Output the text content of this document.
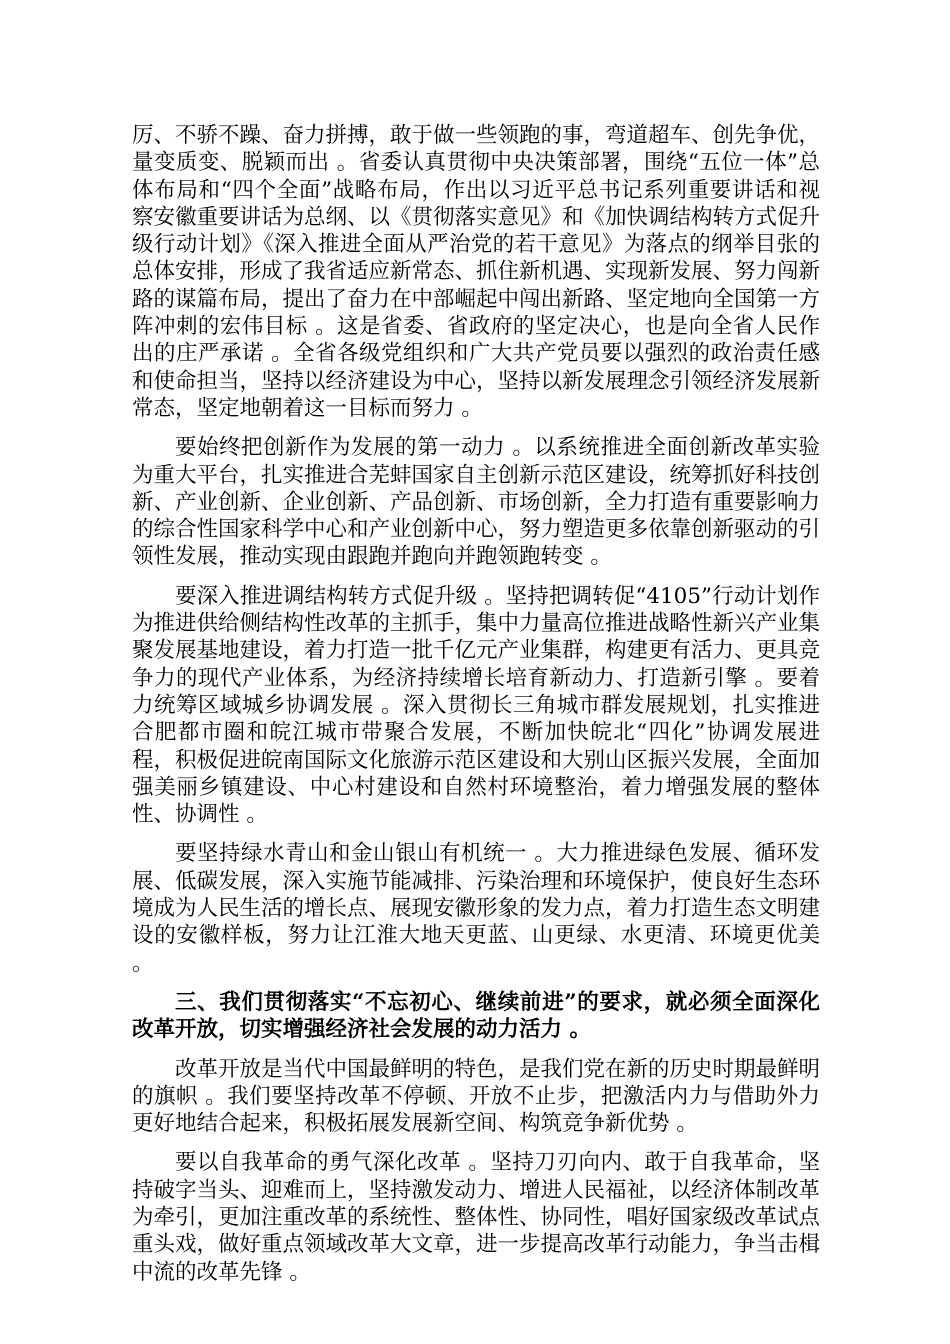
厉、不骄不躁、奋力拼搏，敢于做一些领跑的事，弯道超车、创先争优，量变质变、脱颖而出 。省委认真贯彻中央决策部署，围绕“五位一体”总体布局和“四个全面”战略布局，作出以习近平总书记系列重要讲话和视察安徽重要讲话为总纲、以《贯彻落实意见》和《加快调结构转方式促升级行动计划》《深入推进全面从严治党的若干意见》为落点的纲举目张的总体安排，形成了我省适应新常态、抓住新机遇、实现新发展、努力闯新路的谋篇布局，提出了奋力在中部崛起中闯出新路、坚定地向全国第一方阵冲刺的宏伟目标 。这是省委、省政府的坚定决心，也是向全省人民作出的庄严承诺 。全省各级党组织和广大共产党员要以强烈的政治责任感和使命担当，坚持以经济建设为中心，坚持以新发展理念引领经济发展新常态，坚定地朝着这一目标而努力 。

要始终把创新作为发展的第一动力 。以系统推进全面创新改革实验为重大平台，扎实推进合芜蚌国家自主创新示范区建设，统筹抓好科技创新、产业创新、企业创新、产品创新、市场创新，全力打造有重要影响力的综合性国家科学中心和产业创新中心，努力塑造更多依靠创新驱动的引领性发展，推动实现由跟跑并跑向并跑领跑转变 。

要深入推进调结构转方式促升级 。坚持把调转促“4105”行动计划作为推进供给侧结构性改革的主抓手，集中力量高位推进战略性新兴产业集聚发展基地建设，着力打造一批千亿元产业集群，构建更有活力、更具竞争力的现代产业体系，为经济持续增长培育新动力、打造新引擎 。要着力统筹区域城乡协调发展 。深入贯彻长三角城市群发展规划，扎实推进合肥都市圈和皖江城市带聚合发展，不断加快皖北“四化”协调发展进程，积极促进皖南国际文化旅游示范区建设和大别山区振兴发展，全面加强美丽乡镇建设、中心村建设和自然村环境整治，着力增强发展的整体性、协调性 。

要坚持绿水青山和金山银山有机统一 。大力推进绿色发展、循环发展、低碳发展，深入实施节能减排、污染治理和环境保护，使良好生态环境成为人民生活的增长点、展现安徽形象的发力点，着力打造生态文明建设的安徽样板，努力让江淮大地天更蓝、山更绿、水更清、环境更优美 。

三、我们贯彻落实“不忘初心、继续前进”的要求，就必须全面深化改革开放，切实增强经济社会发展的动力活力 。

改革开放是当代中国最鲜明的特色，是我们党在新的历史时期最鲜明的旗帜 。我们要坚持改革不停顿、开放不止步，把激活内力与借助外力更好地结合起来，积极拓展发展新空间、构筑竞争新优势 。

要以自我革命的勇气深化改革 。坚持刀刃向内、敢于自我革命，坚持破字当头、迎难而上，坚持激发动力、增进人民福祉，以经济体制改革为牵引，更加注重改革的系统性、整体性、协同性，唱好国家级改革试点重头戏，做好重点领域改革大文章，进一步提高改革行动能力，争当击楫中流的改革先锋 。
